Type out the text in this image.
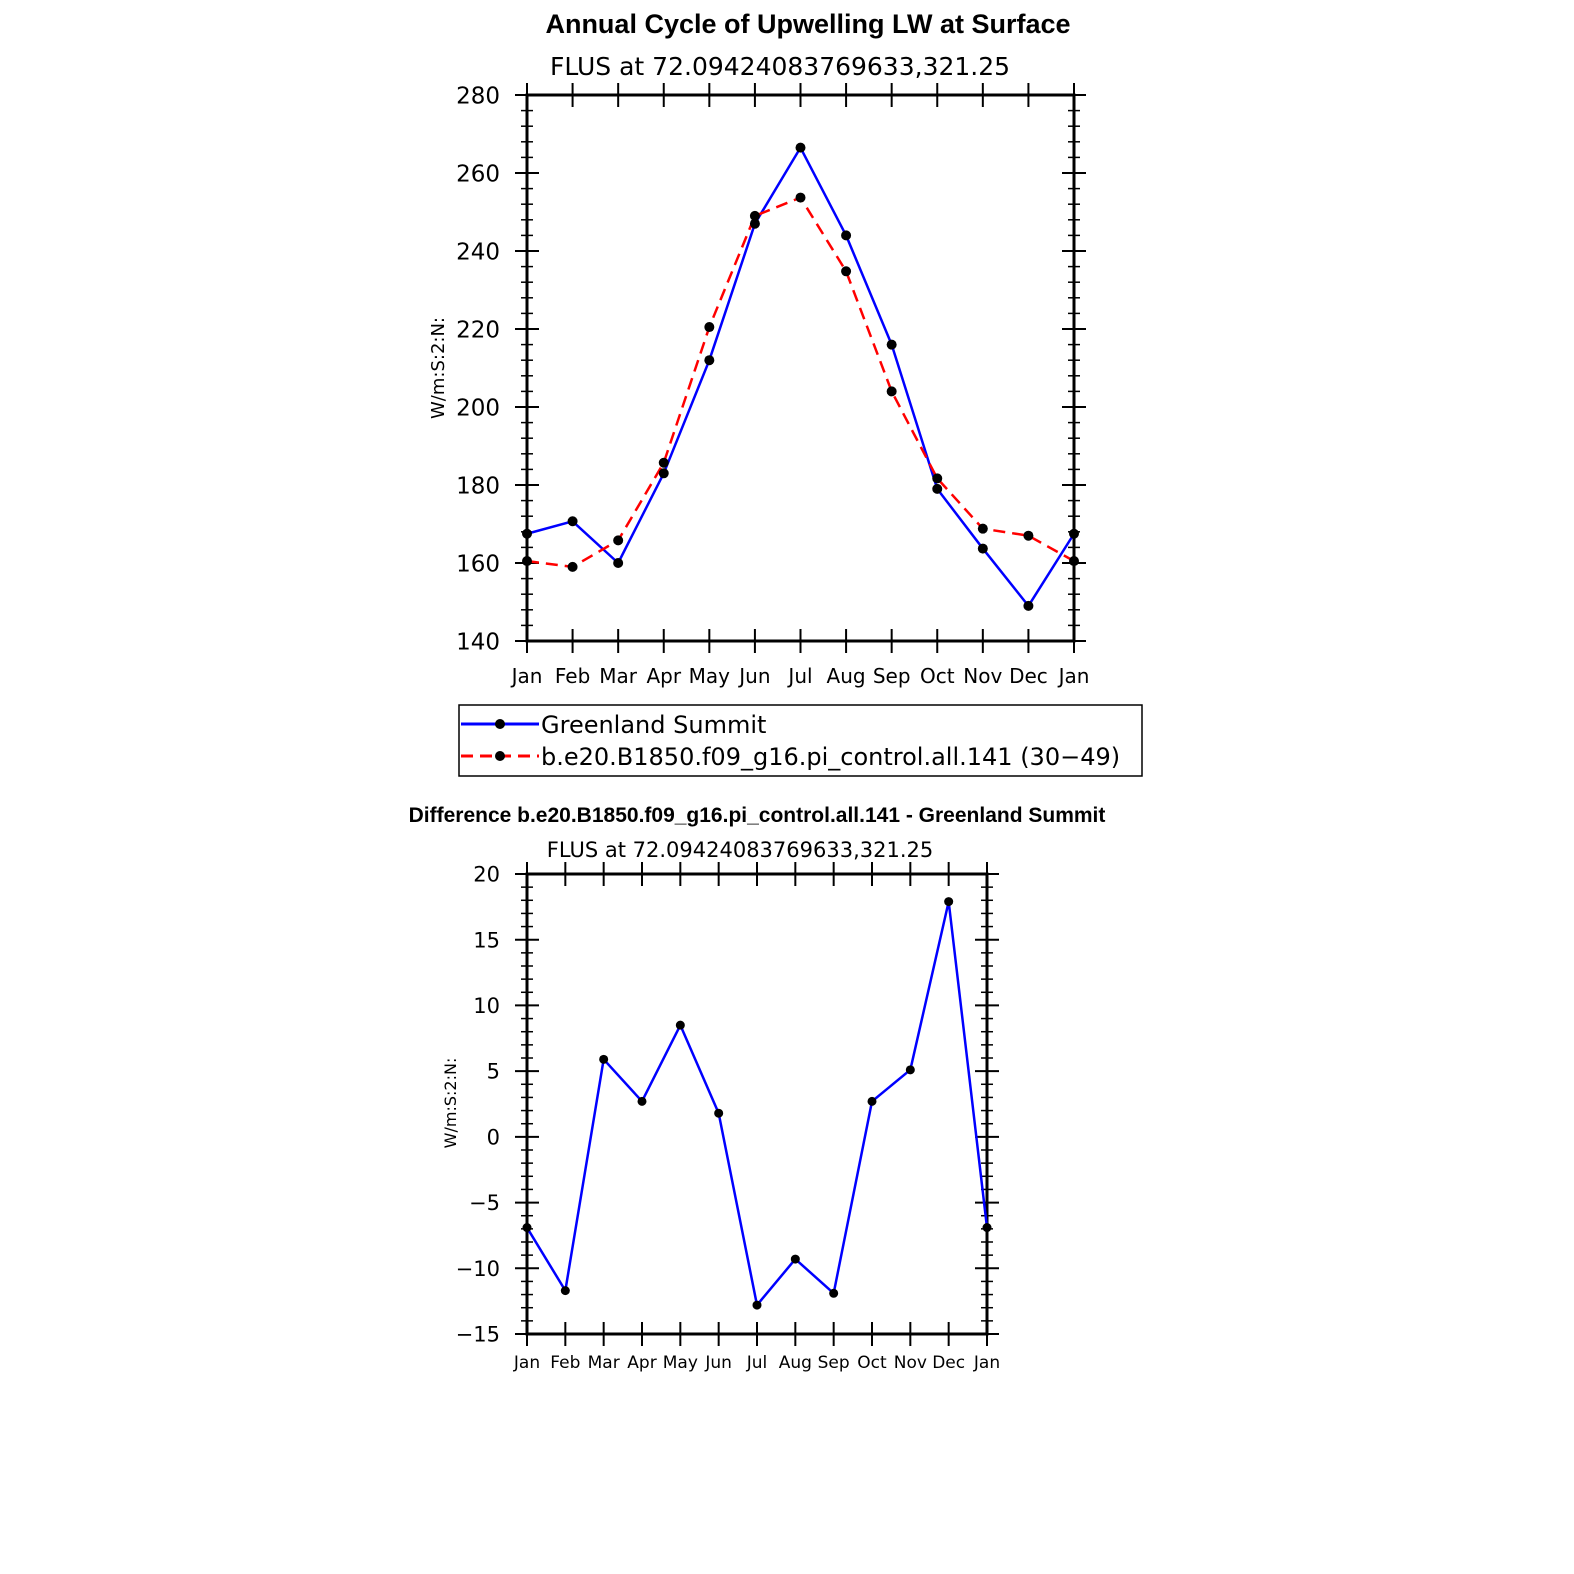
Annual Cycle of Upwelling LW at Surface
FLUS at 72.09424083769633,321.25
W/m:S:2:N:
140
160
180
200
220
240
260
280
Jan Feb Mar Apr May Jun Jul Aug Sep Oct Nov Dec Jan
Greenland Summit
b.e20.B1850.f09_g16.pi_control.all.141 (30−49)
Difference b.e20.B1850.f09_g16.pi_control.all.141 - Greenland Summit
FLUS at 72.09424083769633,321.25
W/m:S:2:N:
−15
−10
−5
0
5
10
15
20
Jan Feb Mar Apr May Jun Jul Aug Sep Oct Nov Dec Jan
